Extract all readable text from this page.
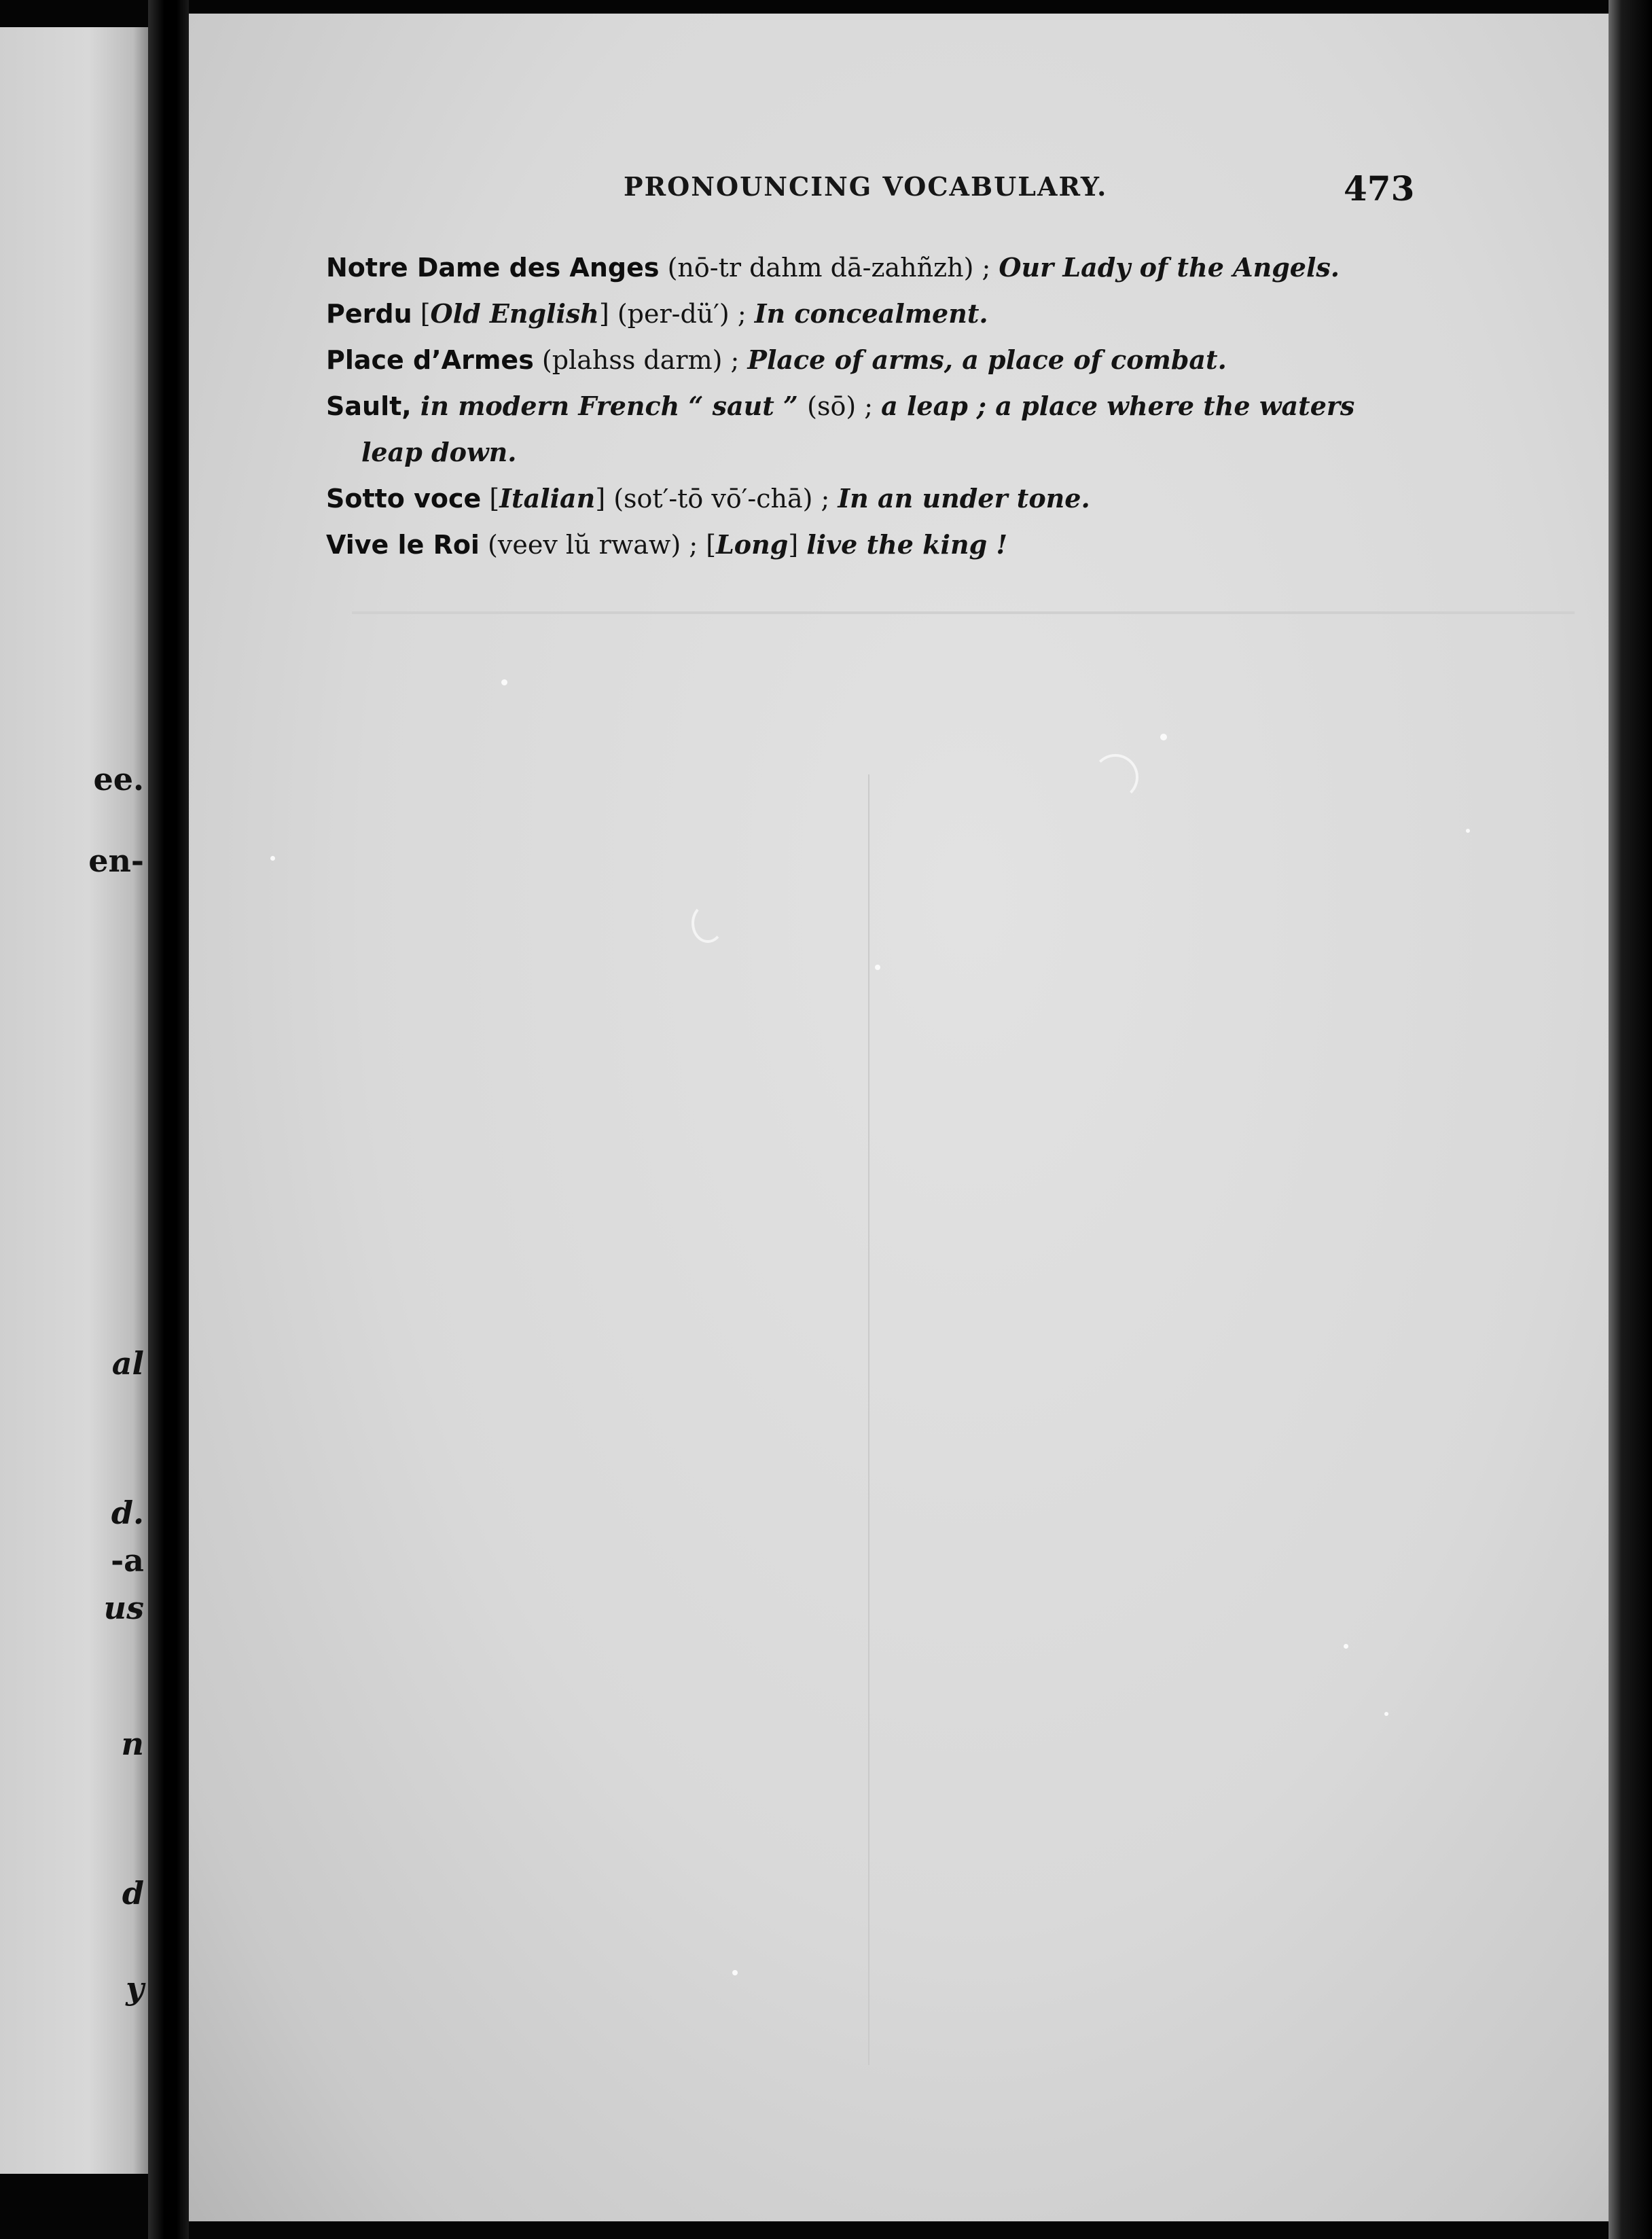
ee.
en-
al
d.
-a
us
n
d
y
PRONOUNCING VOCABULARY.	473
Notre Dame des Anges (nō-tr dahm dā-zahñzh) ; Our Lady of the Angels.
Perdu [Old English] (per-dü′) ; In concealment.
Place d’Armes (plahss darm) ; Place of arms, a place of combat.
Sault, in modern French “ saut ” (sō) ; a leap ; a place where the waters
leap down.
Sotto voce [Italian] (sot′-tō vō′-chā) ; In an under tone.
Vive le Roi (veev lŭ rwaw) ; [Long] live the king !
